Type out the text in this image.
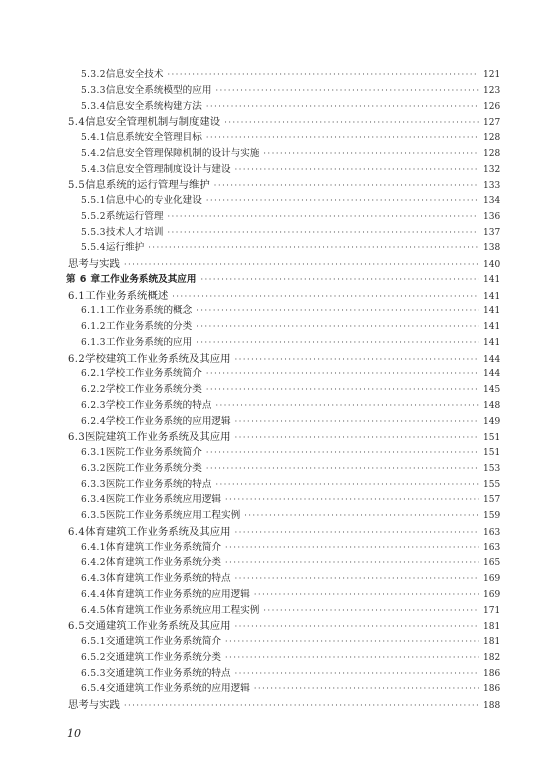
5.3.2 信息安全技术 ·····	121
5.3.3 信息安全系统模型的应用 ·····	123
5.3.4 信息安全系统构建方法 ·····	126
5.4 信息安全管理机制与制度建设 ·····	127
5.4.1 信息系统安全管理目标 ·····	128
5.4.2 信息安全管理保障机制的设计与实施 ·····	128
5.4.3 信息安全管理制度设计与建设 ·····	132
5.5 信息系统的运行管理与维护 ·····	133
5.5.1 信息中心的专业化建设 ·····	134
5.5.2 系统运行管理 ·····	136
5.5.3 技术人才培训 ·····	137
5.5.4 运行维护 ·····	138
思考与实践 ·····	140
第 6 章 工作业务系统及其应用 ·····	141
6.1 工作业务系统概述 ·····	141
6.1.1 工作业务系统的概念 ·····	141
6.1.2 工作业务系统的分类 ·····	141
6.1.3 工作业务系统的应用 ·····	141
6.2 学校建筑工作业务系统及其应用 ·····	144
6.2.1 学校工作业务系统简介 ·····	144
6.2.2 学校工作业务系统分类 ·····	145
6.2.3 学校工作业务系统的特点 ·····	148
6.2.4 学校工作业务系统的应用逻辑 ·····	149
6.3 医院建筑工作业务系统及其应用 ·····	151
6.3.1 医院工作业务系统简介 ·····	151
6.3.2 医院工作业务系统分类 ·····	153
6.3.3 医院工作业务系统的特点 ·····	155
6.3.4 医院工作业务系统应用逻辑 ·····	157
6.3.5 医院工作业务系统应用工程实例 ·····	159
6.4 体育建筑工作业务系统及其应用 ·····	163
6.4.1 体育建筑工作业务系统简介 ·····	163
6.4.2 体育建筑工作业务系统分类 ·····	165
6.4.3 体育建筑工作业务系统的特点 ·····	169
6.4.4 体育建筑工作业务系统的应用逻辑 ·····	169
6.4.5 体育建筑工作业务系统应用工程实例 ·····	171
6.5 交通建筑工作业务系统及其应用 ·····	181
6.5.1 交通建筑工作业务系统简介 ·····	181
6.5.2 交通建筑工作业务系统分类 ·····	182
6.5.3 交通建筑工作业务系统的特点 ·····	186
6.5.4 交通建筑工作业务系统的应用逻辑 ·····	186
思考与实践 ·····	188
10
